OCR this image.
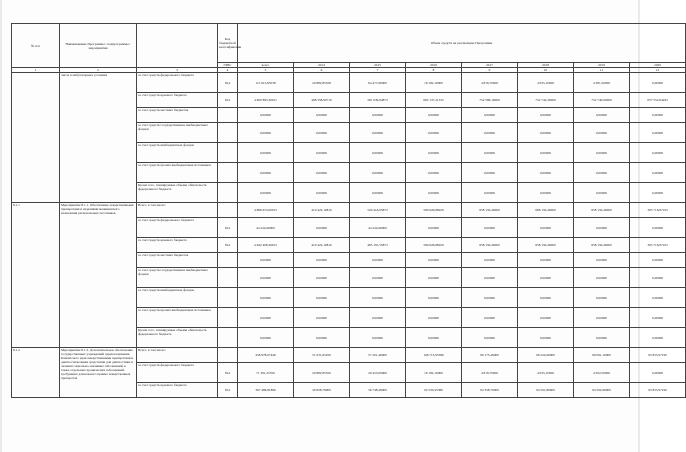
№ п/п	Наименование Программы / подпрограммы / мероприятия		Код бюджетной классификации	Объем средств на реализацию Программы							
			ГРБС	всего	2014	2015	2016	2017	2018	2019	2020
1	2	3	4	5	6	7	8	9	10	11	12
	числе в амбулаторных условиях	за счет средств федерального бюджета	814	115 615,85558	20 882,85558	64 477,60000	16 182,10000	4 816,70000	4 635,10000	4 381,50000	0,00000
		за счет средств краевого бюджета	814	4 609 895,30911	498 358,90710	581 939,94873	692 137,21335	752 589,10000	752 742,20000	752 740,00000	657 552,84293
		за счет средств местных бюджетов		0,00000	0,00000	0,00000	0,00000	0,00000	0,00000	0,00000	0,00000
		за счет средств государственных внебюджетных фондов		0,00000	0,00000	0,00000	0,00000	0,00000	0,00000	0,00000	0,00000
		за счет средств внебюджетных фондов		0,00000	0,00000	0,00000	0,00000	0,00000	0,00000	0,00000	0,00000
		за счет средств прочих внебюджетных источников		0,00000	0,00000	0,00000	0,00000	0,00000	0,00000	0,00000	0,00000
		Кроме того, планируемые объемы обязательств федерального бюджета		0,00000	0,00000	0,00000	0,00000	0,00000	0,00000	0,00000	0,00000
8.1.1	Мероприятие 8.1.1. Обеспечение лекарственными препаратами и изделиями медицинского назначения региональных льготников	Всего, в том числе:		4 886 653,09015	419 422,10810	529 416,05873	599 626,86029	658 150,40000	668 150,40000	658 150,40000	363 716,87103
		за счет средств федерального бюджета	814	44 224,60000	0,00000	44 224,60000	0,00000	0,00000	0,00000	0,00000	0,00000
		за счет средств краевого бюджета	814	4 642 408,49015	419 422,10810	485 191,55873	599 626,86029	658 150,40000	658 150,40000	658 150,40000	363 716,87103
		за счет средств местных бюджетов		0,00000	0,00000	0,00000	0,00000	0,00000	0,00000	0,00000	0,00000
		за счет средств государственных внебюджетных фондов		0,00000	0,00000	0,00000	0,00000	0,00000	0,00000	0,00000	0,00000
		за счет средств внебюджетных фондов		0,00000	0,00000	0,00000	0,00000	0,00000	0,00000	0,00000	0,00000
		за счет средств прочих внебюджетных источников		0,00000	0,00000	0,00000	0,00000	0,00000	0,00000	0,00000	0,00000
		Кроме того, планируемые объемы обязательств федерального бюджета		0,00000	0,00000	0,00000	0,00000	0,00000	0,00000	0,00000	0,00000
8.1.2	Мероприятие 8.1.2. Дополнительное обеспечение государственных учреждений здравоохранения Камчатского края лекарственными препаратами и диагностическими средствами для диагностики и лечения социально-значимых заболеваний, в также отдельных хронических заболеваний, требующих длительного приема лекарственных препаратов	Всего, в том числе:		438 978,07446	51 631,65450	57 201,49000	108 713,95386	99 175,40000	99 224,90000	99 091,10000	93 835,97190
		за счет средств федерального бюджета	814	71 391,25550	20 882,85550	20 453,00000	16 182,10000	4 816,70000	4 635,10000	4 502,50000	0,00000
		за счет средств краевого бюджета	814	367 486,81896	30 828,79900	36 748,49000	92 530,45386	94 358,70000	94 591,80000	94 592,60000	93 835,97190
